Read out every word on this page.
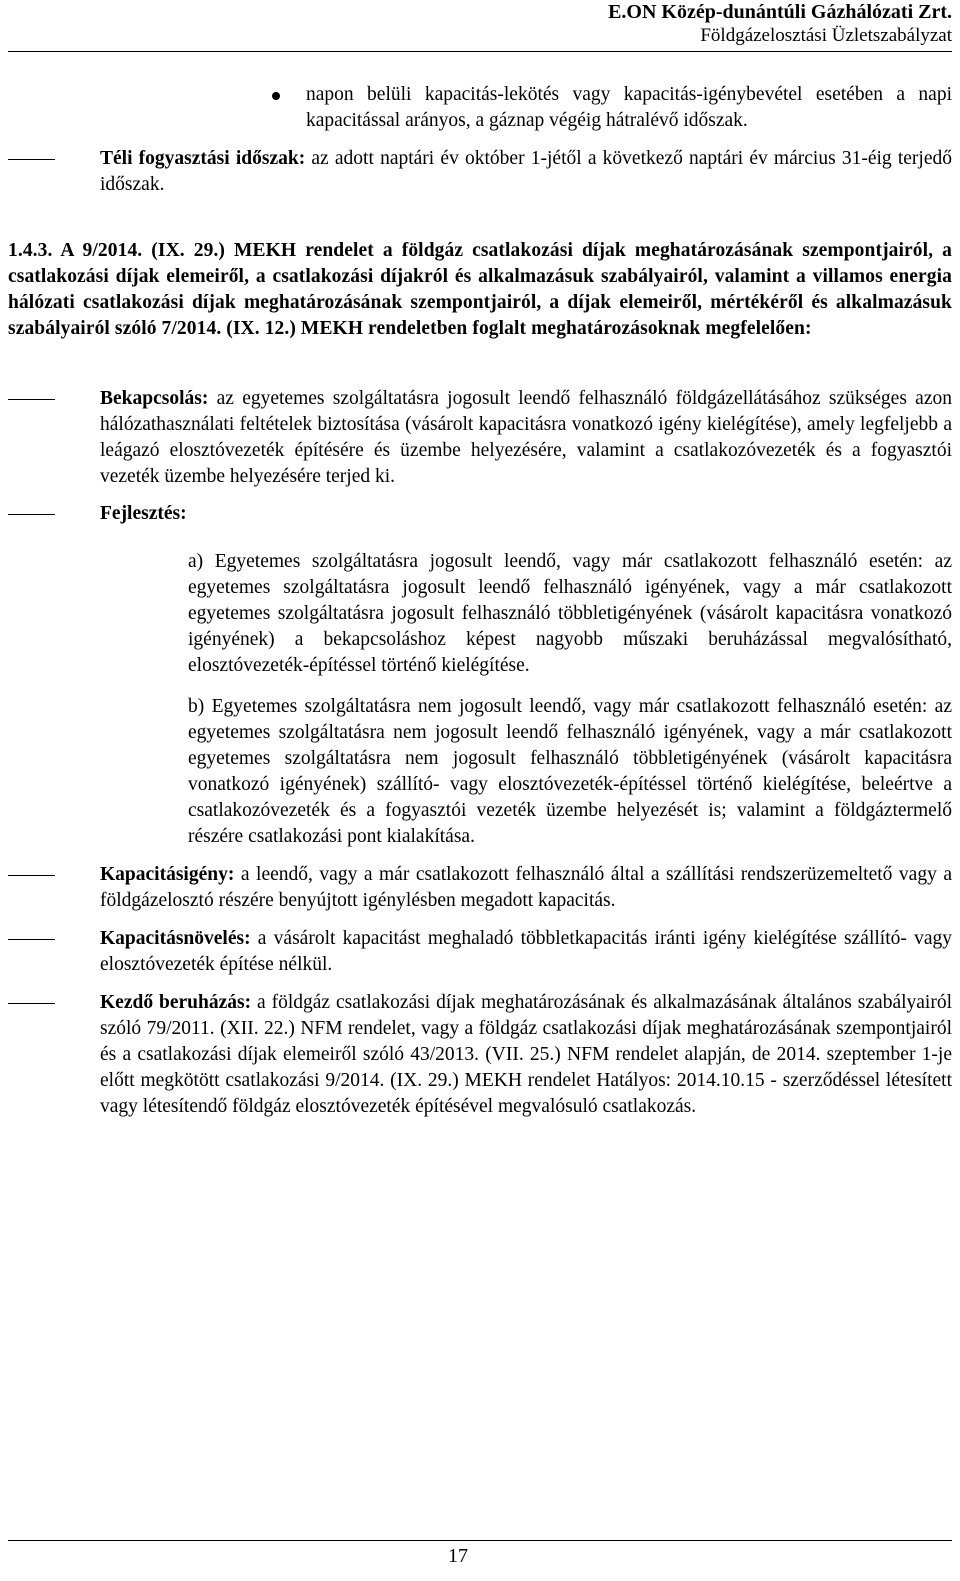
E.ON Közép-dunántúli Gázhálózati Zrt.
Földgázelosztási Üzletszabályzat

napon belüli kapacitás-lekötés vagy kapacitás-igénybevétel esetében a napi kapacitással arányos, a gáznap végéig hátralévő időszak.

Téli fogyasztási időszak: az adott naptári év október 1-jétől a következő naptári év március 31-éig terjedő időszak.

1.4.3. A 9/2014. (IX. 29.) MEKH rendelet a földgáz csatlakozási díjak meghatározásának szempontjairól, a csatlakozási díjak elemeiről, a csatlakozási díjakról és alkalmazásuk szabályairól, valamint a villamos energia hálózati csatlakozási díjak meghatározásának szempontjairól, a díjak elemeiről, mértékéről és alkalmazásuk szabályairól szóló 7/2014. (IX. 12.) MEKH rendeletben foglalt meghatározásoknak megfelelően:

Bekapcsolás: az egyetemes szolgáltatásra jogosult leendő felhasználó földgázellátásához szükséges azon hálózathasználati feltételek biztosítása (vásárolt kapacitásra vonatkozó igény kielégítése), amely legfeljebb a leágazó elosztóvezeték építésére és üzembe helyezésére, valamint a csatlakozóvezeték és a fogyasztói vezeték üzembe helyezésére terjed ki.

Fejlesztés:

a) Egyetemes szolgáltatásra jogosult leendő, vagy már csatlakozott felhasználó esetén: az egyetemes szolgáltatásra jogosult leendő felhasználó igényének, vagy a már csatlakozott egyetemes szolgáltatásra jogosult felhasználó többletigényének (vásárolt kapacitásra vonatkozó igényének) a bekapcsoláshoz képest nagyobb műszaki beruházással megvalósítható, elosztóvezeték-építéssel történő kielégítése.

b) Egyetemes szolgáltatásra nem jogosult leendő, vagy már csatlakozott felhasználó esetén: az egyetemes szolgáltatásra nem jogosult leendő felhasználó igényének, vagy a már csatlakozott egyetemes szolgáltatásra nem jogosult felhasználó többletigényének (vásárolt kapacitásra vonatkozó igényének) szállító- vagy elosztóvezeték-építéssel történő kielégítése, beleértve a csatlakozóvezeték és a fogyasztói vezeték üzembe helyezését is; valamint a földgáztermelő részére csatlakozási pont kialakítása.

Kapacitásigény: a leendő, vagy a már csatlakozott felhasználó által a szállítási rendszerüzemeltető vagy a földgázelosztó részére benyújtott igénylésben megadott kapacitás.

Kapacitásnövelés: a vásárolt kapacitást meghaladó többletkapacitás iránti igény kielégítése szállító- vagy elosztóvezeték építése nélkül.

Kezdő beruházás: a földgáz csatlakozási díjak meghatározásának és alkalmazásának általános szabályairól szóló 79/2011. (XII. 22.) NFM rendelet, vagy a földgáz csatlakozási díjak meghatározásának szempontjairól és a csatlakozási díjak elemeiről szóló 43/2013. (VII. 25.) NFM rendelet alapján, de 2014. szeptember 1-je előtt megkötött csatlakozási 9/2014. (IX. 29.) MEKH rendelet Hatályos: 2014.10.15 - szerződéssel létesített vagy létesítendő földgáz elosztóvezeték építésével megvalósuló csatlakozás.

17
